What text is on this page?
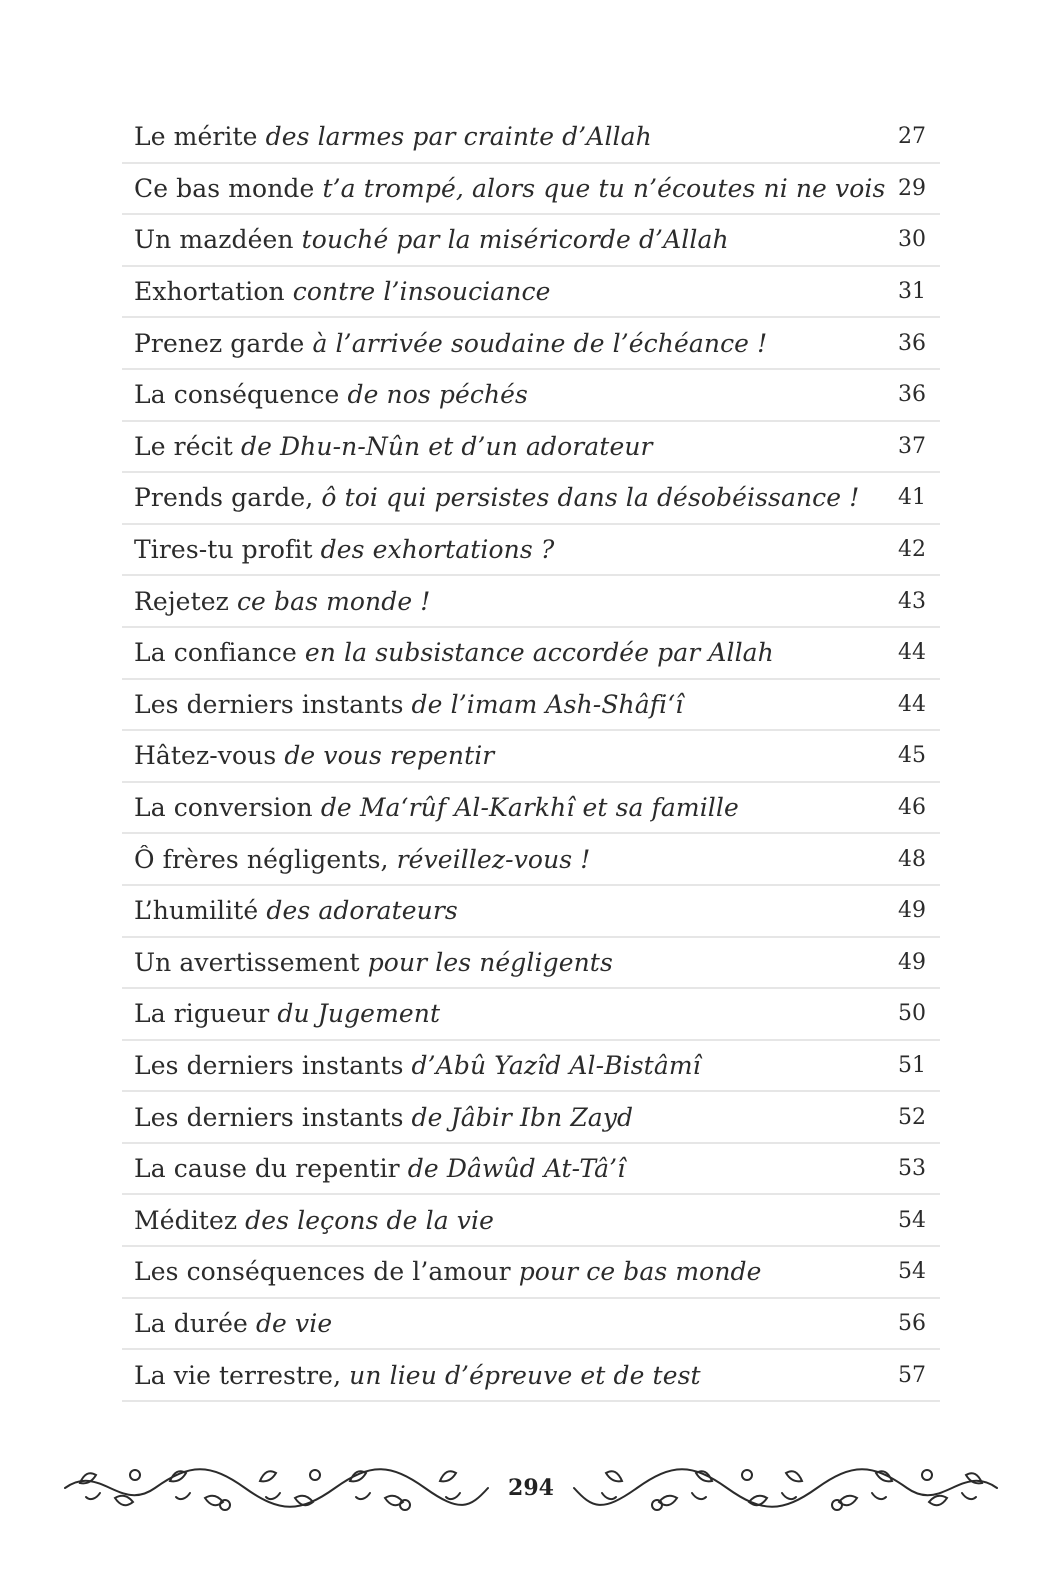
Le mérite des larmes par crainte d’Allah	27
Ce bas monde t’a trompé, alors que tu n’écoutes ni ne vois 29
Un mazdéen touché par la miséricorde d’Allah	30
Exhortation contre l’insouciance	31
Prenez garde à l’arrivée soudaine de l’échéance !	36
La conséquence de nos péchés	36
Le récit de Dhu-n-Nûn et d’un adorateur	37
Prends garde, ô toi qui persistes dans la désobéissance !	41
Tires-tu profit des exhortations ?	42
Rejetez ce bas monde !	43
La confiance en la subsistance accordée par Allah	44
Les derniers instants de l’imam Ash-Shâfi‘î	44
Hâtez-vous de vous repentir	45
La conversion de Ma‘rûf Al-Karkhî et sa famille	46
Ô frères négligents, réveillez-vous !	48
L’humilité des adorateurs	49
Un avertissement pour les négligents	49
La rigueur du Jugement	50
Les derniers instants d’Abû Yazîd Al-Bistâmî	51
Les derniers instants de Jâbir Ibn Zayd	52
La cause du repentir de Dâwûd At-Tâ’î	53
Méditez des leçons de la vie	54
Les conséquences de l’amour pour ce bas monde	54
La durée de vie	56
La vie terrestre, un lieu d’épreuve et de test	57
294
